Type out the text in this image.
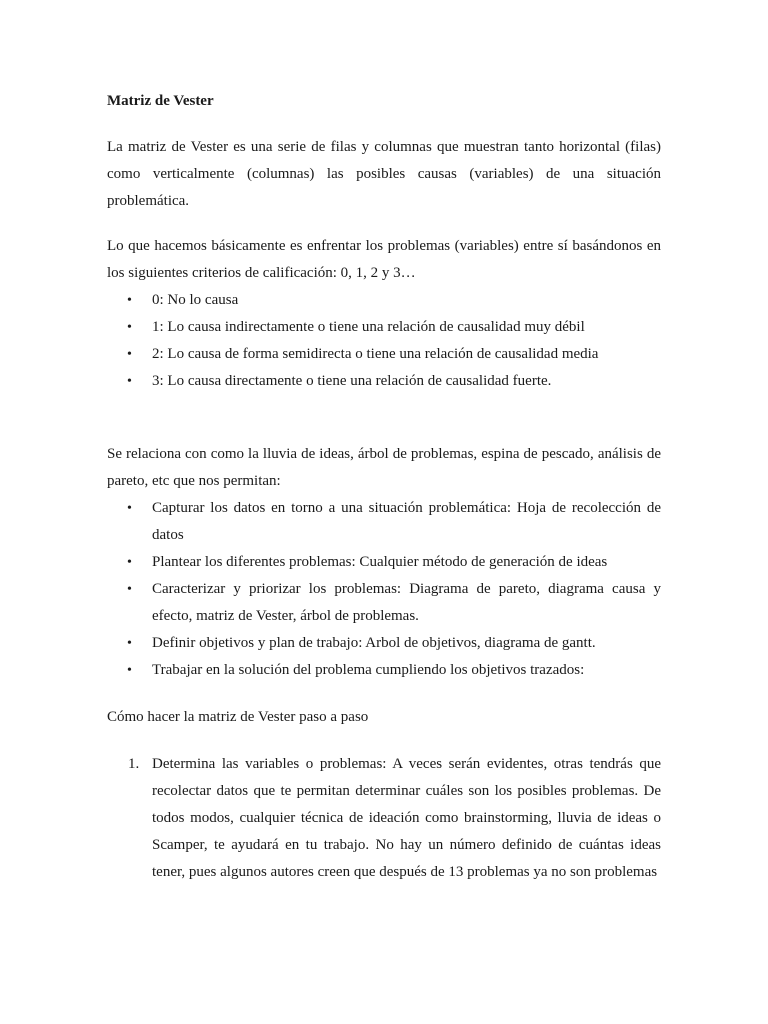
Matriz de Vester

La matriz de Vester es una serie de filas y columnas que muestran tanto horizontal (filas) como verticalmente (columnas) las posibles causas (variables) de una situación problemática.

Lo que hacemos básicamente es enfrentar los problemas (variables) entre sí basándonos en los siguientes criterios de calificación: 0, 1, 2 y 3…

• 0: No lo causa
• 1: Lo causa indirectamente o tiene una relación de causalidad muy débil
• 2: Lo causa de forma semidirecta o tiene una relación de causalidad media
• 3: Lo causa directamente o tiene una relación de causalidad fuerte.

Se relaciona con como la lluvia de ideas, árbol de problemas, espina de pescado, análisis de pareto, etc que nos permitan:

• Capturar los datos en torno a una situación problemática: Hoja de recolección de datos
• Plantear los diferentes problemas: Cualquier método de generación de ideas
• Caracterizar y priorizar los problemas: Diagrama de pareto, diagrama causa y efecto, matriz de Vester, árbol de problemas.
• Definir objetivos y plan de trabajo: Arbol de objetivos, diagrama de gantt.
• Trabajar en la solución del problema cumpliendo los objetivos trazados:

Cómo hacer la matriz de Vester paso a paso

1. Determina las variables o problemas: A veces serán evidentes, otras tendrás que recolectar datos que te permitan determinar cuáles son los posibles problemas. De todos modos, cualquier técnica de ideación como brainstorming, lluvia de ideas o Scamper, te ayudará en tu trabajo. No hay un número definido de cuántas ideas tener, pues algunos autores creen que después de 13 problemas ya no son problemas
